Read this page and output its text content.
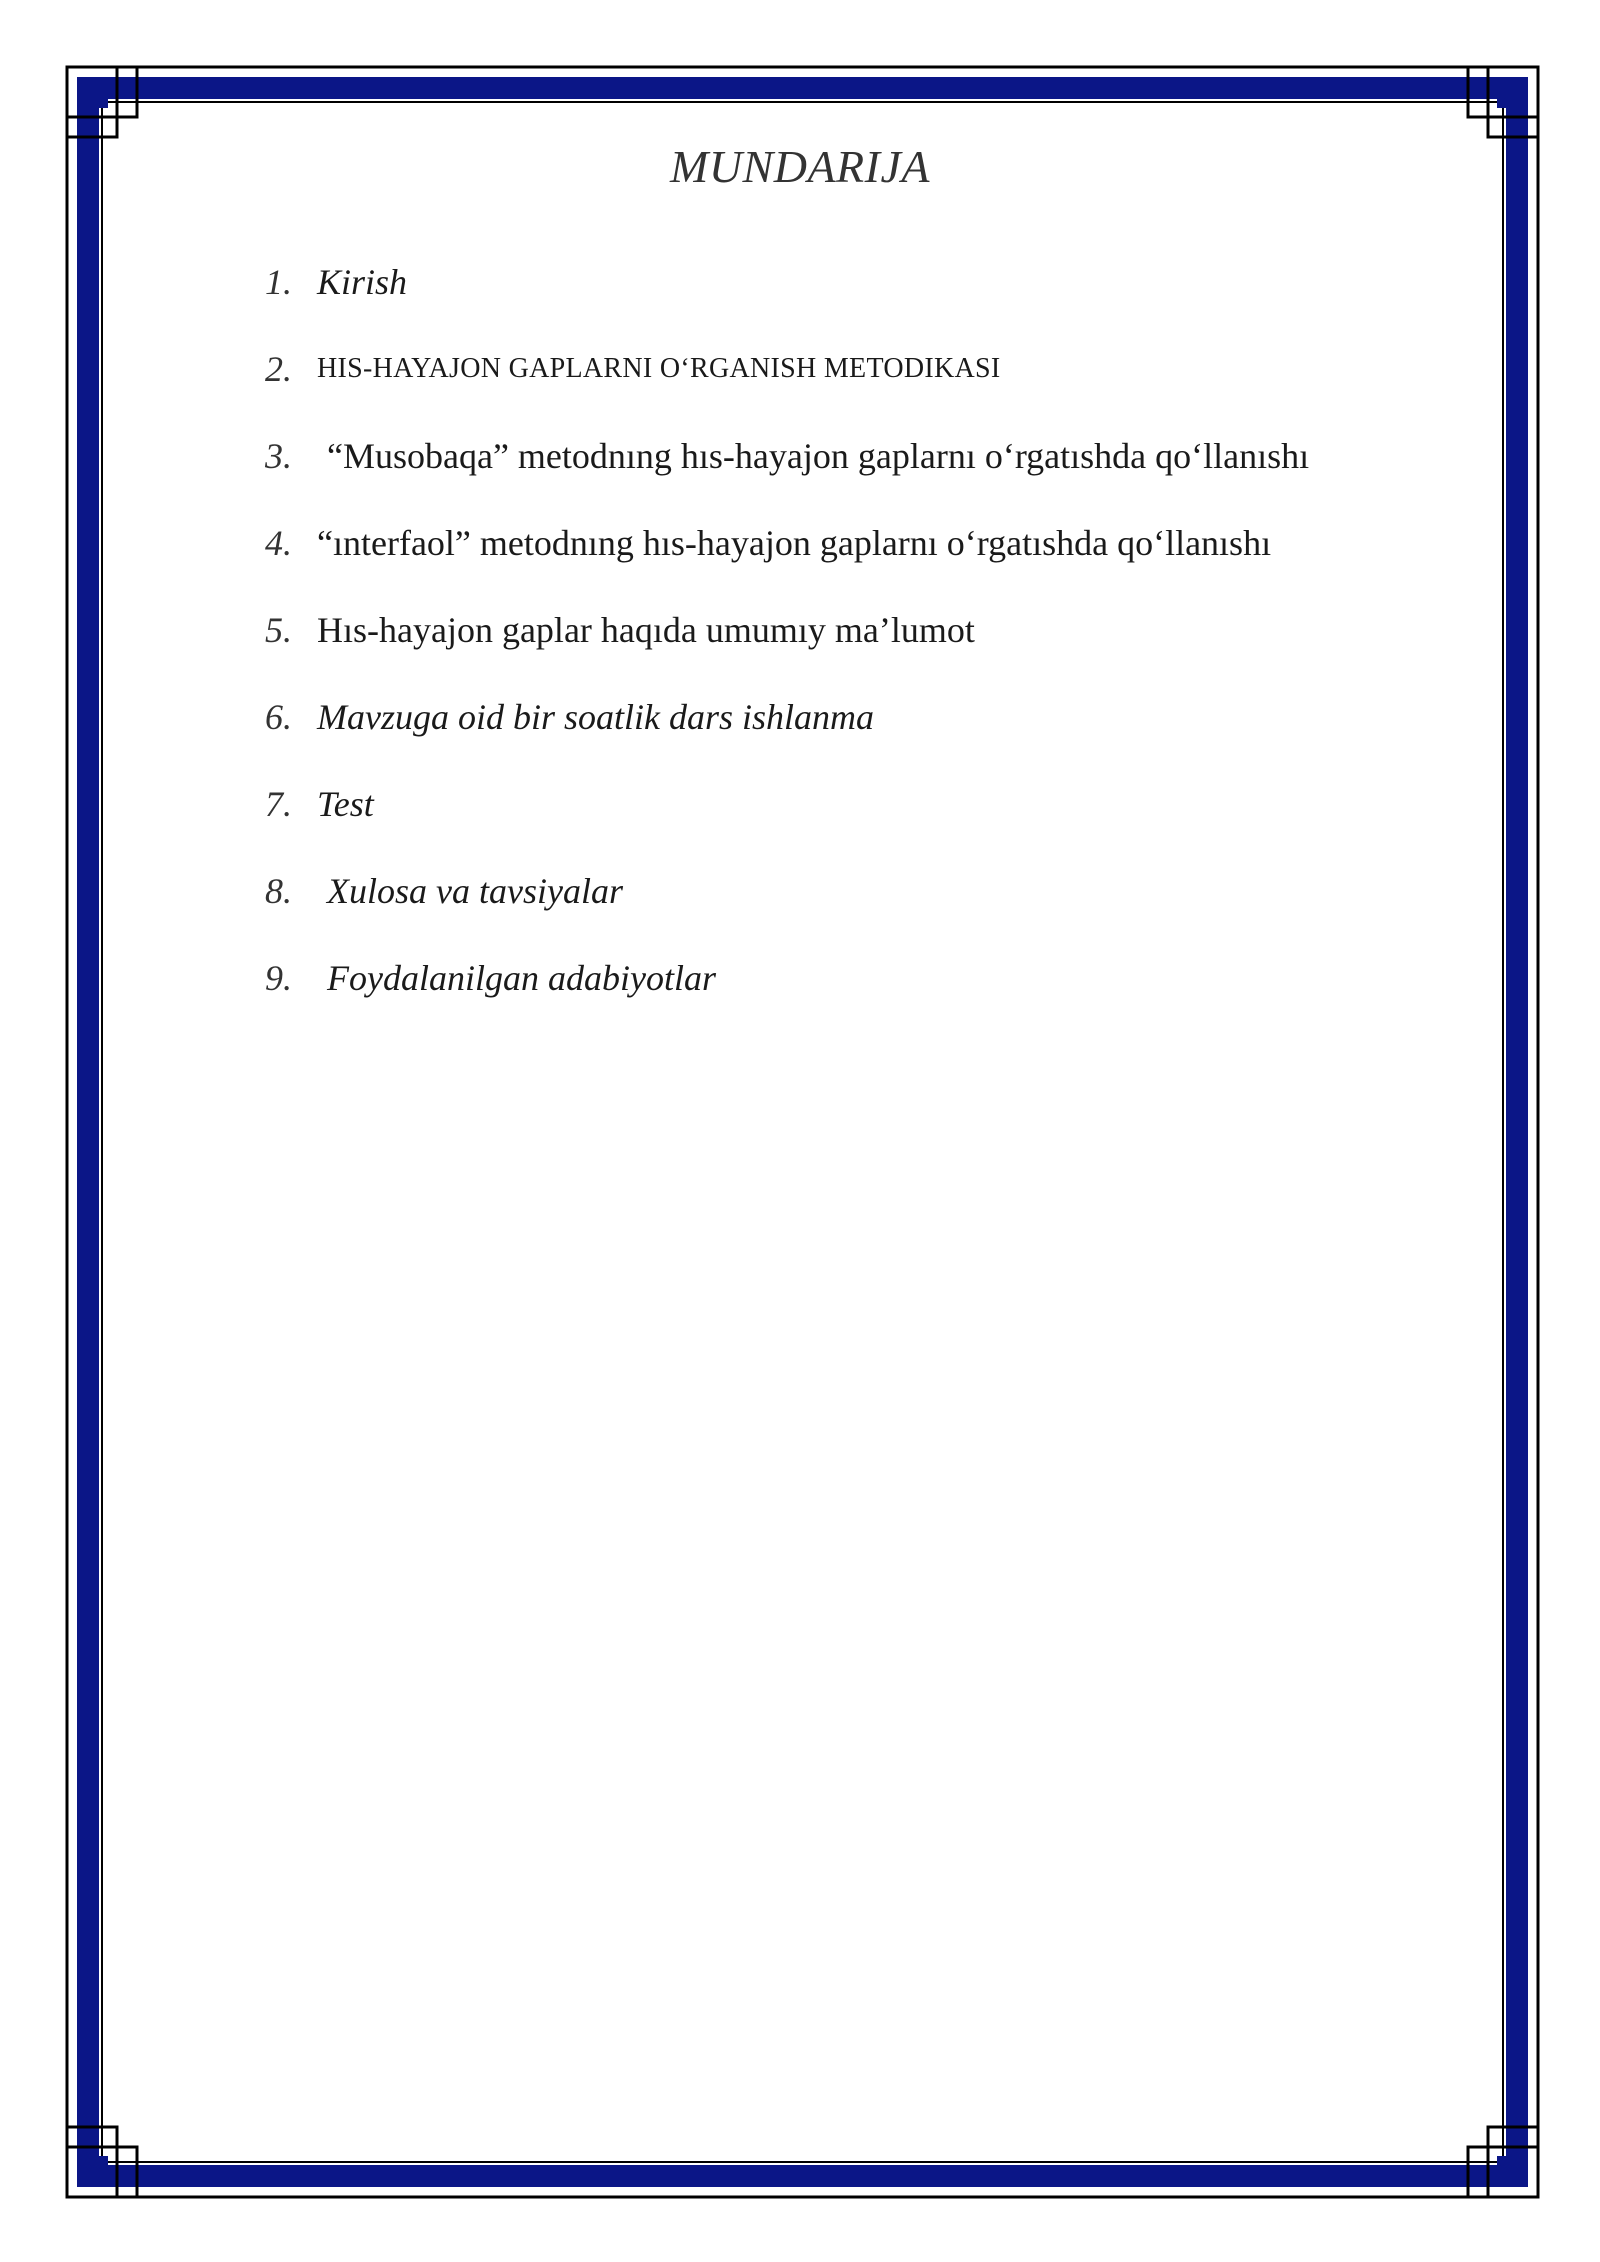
MUNDARIJA
1. Kirish
2. HIS-HAYAJON GAPLARNI O‘RGANISH METODIKASI
3. “Musobaqa” metodnıng hıs-hayajon gaplarnı o‘rgatıshda qo‘llanıshı
4. “ınterfaol” metodnıng hıs-hayajon gaplarnı o‘rgatıshda qo‘llanıshı
5. Hıs-hayajon gaplar haqıda umumıy ma’lumot
6. Mavzuga oid bir soatlik dars ishlanma
7. Test
8. Xulosa va tavsiyalar
9. Foydalanilgan adabiyotlar
